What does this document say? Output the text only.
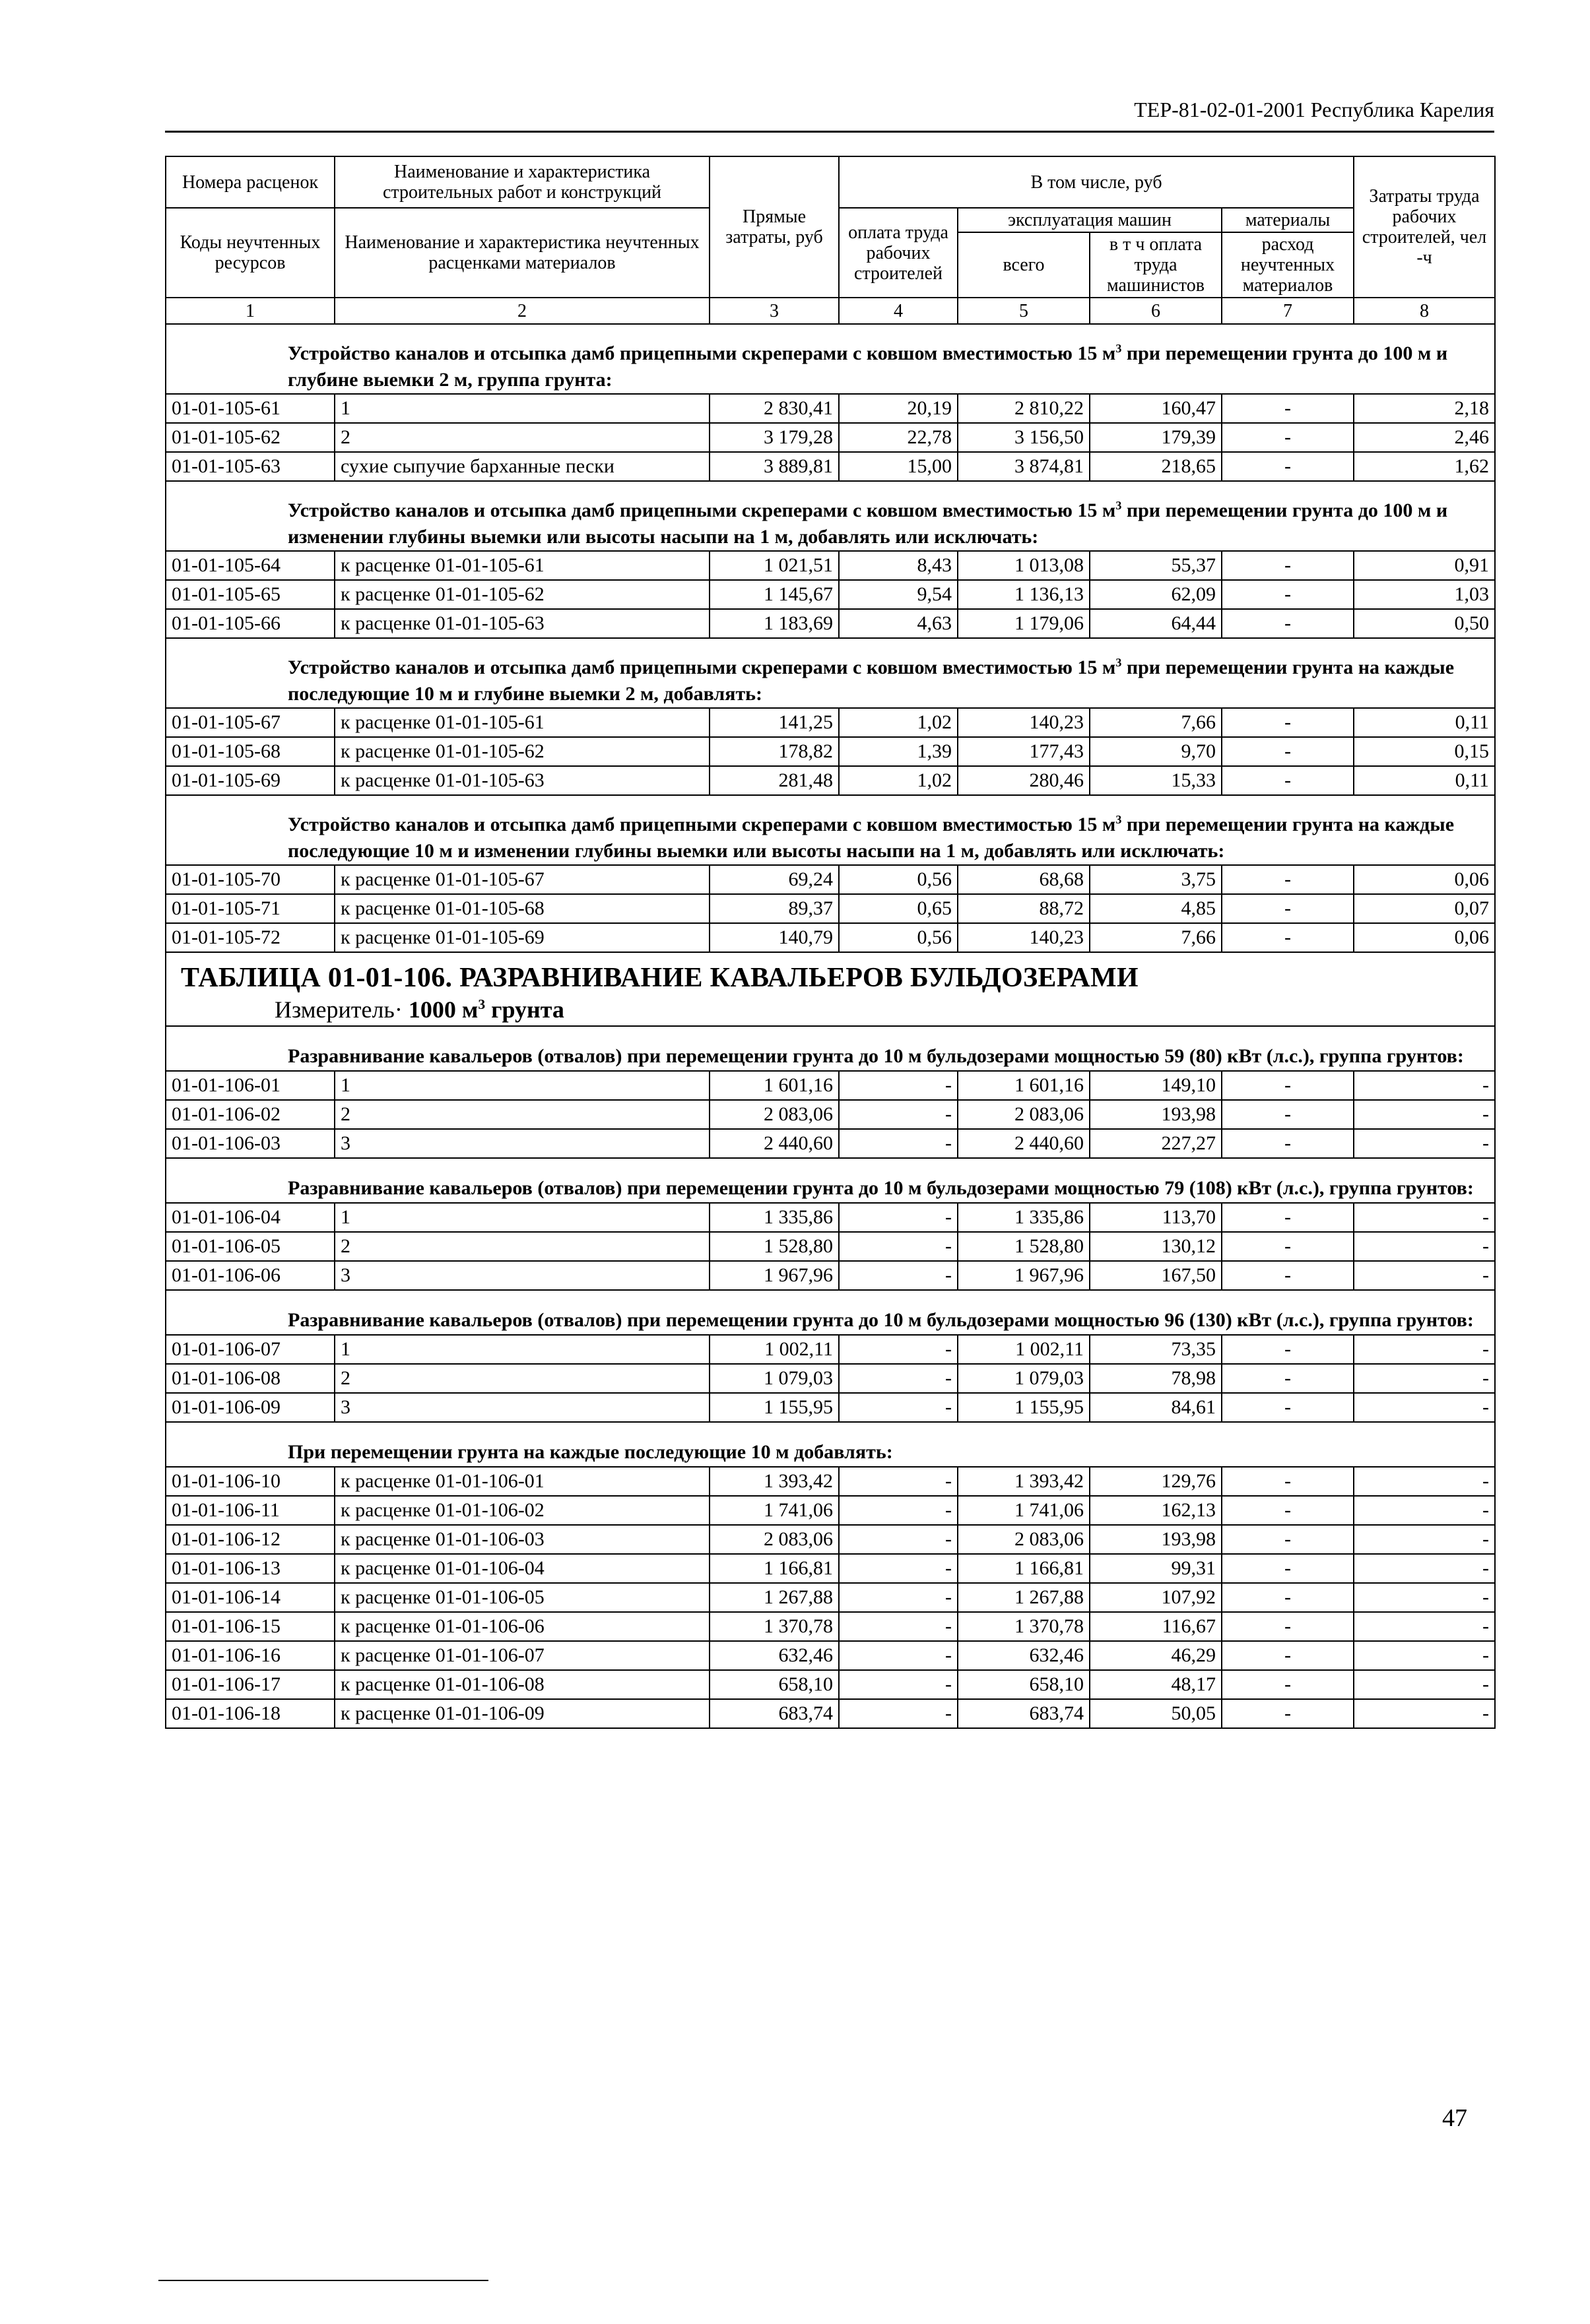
ТЕР-81-02-01-2001 Республика Карелия
Номера расценок	Наименование и характеристика строительных работ и конструкций	Прямые затраты, руб	В том числе, руб				Затраты труда рабочих строителей, чел -ч
Коды неучтенных ресурсов	Наименование и характеристика неучтенных расценками материалов		оплата труда рабочих строителей	эксплуатация машин		материалы	
				всего	в т ч оплата труда машинистов	расход неучтенных материалов	
1	2	3	4	5	6	7	8
Устройство каналов и отсыпка дамб прицепными скреперами с ковшом вместимостью 15 $м^3$ при перемещении грунта до 100 м и глубине выемки 2 м, группа грунта:							
01-01-105-61	1	2 830,41	20,19	2 810,22	160,47	-	2,18
01-01-105-62	2	3 179,28	22,78	3 156,50	179,39	-	2,46
01-01-105-63	сухие сыпучие барханные пески	3 889,81	15,00	3 874,81	218,65	-	1,62
Устройство каналов и отсыпка дамб прицепными скреперами с ковшом вместимостью 15 $м^3$ при перемещении грунта до 100 м и изменении глубины выемки или высоты насыпи на 1 м, добавлять или исключать:							
01-01-105-64	к расценке 01-01-105-61	1 021,51	8,43	1 013,08	55,37	-	0,91
01-01-105-65	к расценке 01-01-105-62	1 145,67	9,54	1 136,13	62,09	-	1,03
01-01-105-66	к расценке 01-01-105-63	1 183,69	4,63	1 179,06	64,44	-	0,50
Устройство каналов и отсыпка дамб прицепными скреперами с ковшом вместимостью 15 $м^3$ при перемещении грунта на каждые последующие 10 м и глубине выемки 2 м, добавлять:							
01-01-105-67	к расценке 01-01-105-61	141,25	1,02	140,23	7,66	-	0,11
01-01-105-68	к расценке 01-01-105-62	178,82	1,39	177,43	9,70	-	0,15
01-01-105-69	к расценке 01-01-105-63	281,48	1,02	280,46	15,33	-	0,11
Устройство каналов и отсыпка дамб прицепными скреперами с ковшом вместимостью 15 $м^3$ при перемещении грунта на каждые последующие 10 м и изменении глубины выемки или высоты насыпи на 1 м, добавлять или исключать:							
01-01-105-70	к расценке 01-01-105-67	69,24	0,56	68,68	3,75	-	0,06
01-01-105-71	к расценке 01-01-105-68	89,37	0,65	88,72	4,85	-	0,07
01-01-105-72	к расценке 01-01-105-69	140,79	0,56	140,23	7,66	-	0,06

ТАБЛИЦА 01-01-106. РАЗРАВНИВАНИЕ КАВАЛЬЕРОВ БУЛЬДОЗЕРАМИ
Измеритель· 1000 $м^3$ грунта							

Разравнивание кавальеров (отвалов) при перемещении грунта до 10 м бульдозерами мощностью 59 (80) кВт (л.с.), группа грунтов:							
01-01-106-01	1	1 601,16	-	1 601,16	149,10	-	-
01-01-106-02	2	2 083,06	-	2 083,06	193,98	-	-
01-01-106-03	3	2 440,60	-	2 440,60	227,27	-	-
Разравнивание кавальеров (отвалов) при перемещении грунта до 10 м бульдозерами мощностью 79 (108) кВт (л.с.), группа грунтов:							
01-01-106-04	1	1 335,86	-	1 335,86	113,70	-	-
01-01-106-05	2	1 528,80	-	1 528,80	130,12	-	-
01-01-106-06	3	1 967,96	-	1 967,96	167,50	-	-
Разравнивание кавальеров (отвалов) при перемещении грунта до 10 м бульдозерами мощностью 96 (130) кВт (л.с.), группа грунтов:							
01-01-106-07	1	1 002,11	-	1 002,11	73,35	-	-
01-01-106-08	2	1 079,03	-	1 079,03	78,98	-	-
01-01-106-09	3	1 155,95	-	1 155,95	84,61	-	-
При перемещении грунта на каждые последующие 10 м добавлять:							
01-01-106-10	к расценке 01-01-106-01	1 393,42	-	1 393,42	129,76	-	-
01-01-106-11	к расценке 01-01-106-02	1 741,06	-	1 741,06	162,13	-	-
01-01-106-12	к расценке 01-01-106-03	2 083,06	-	2 083,06	193,98	-	-
01-01-106-13	к расценке 01-01-106-04	1 166,81	-	1 166,81	99,31	-	-
01-01-106-14	к расценке 01-01-106-05	1 267,88	-	1 267,88	107,92	-	-
01-01-106-15	к расценке 01-01-106-06	1 370,78	-	1 370,78	116,67	-	-
01-01-106-16	к расценке 01-01-106-07	632,46	-	632,46	46,29	-	-
01-01-106-17	к расценке 01-01-106-08	658,10	-	658,10	48,17	-	-
01-01-106-18	к расценке 01-01-106-09	683,74	-	683,74	50,05	-	-
47
